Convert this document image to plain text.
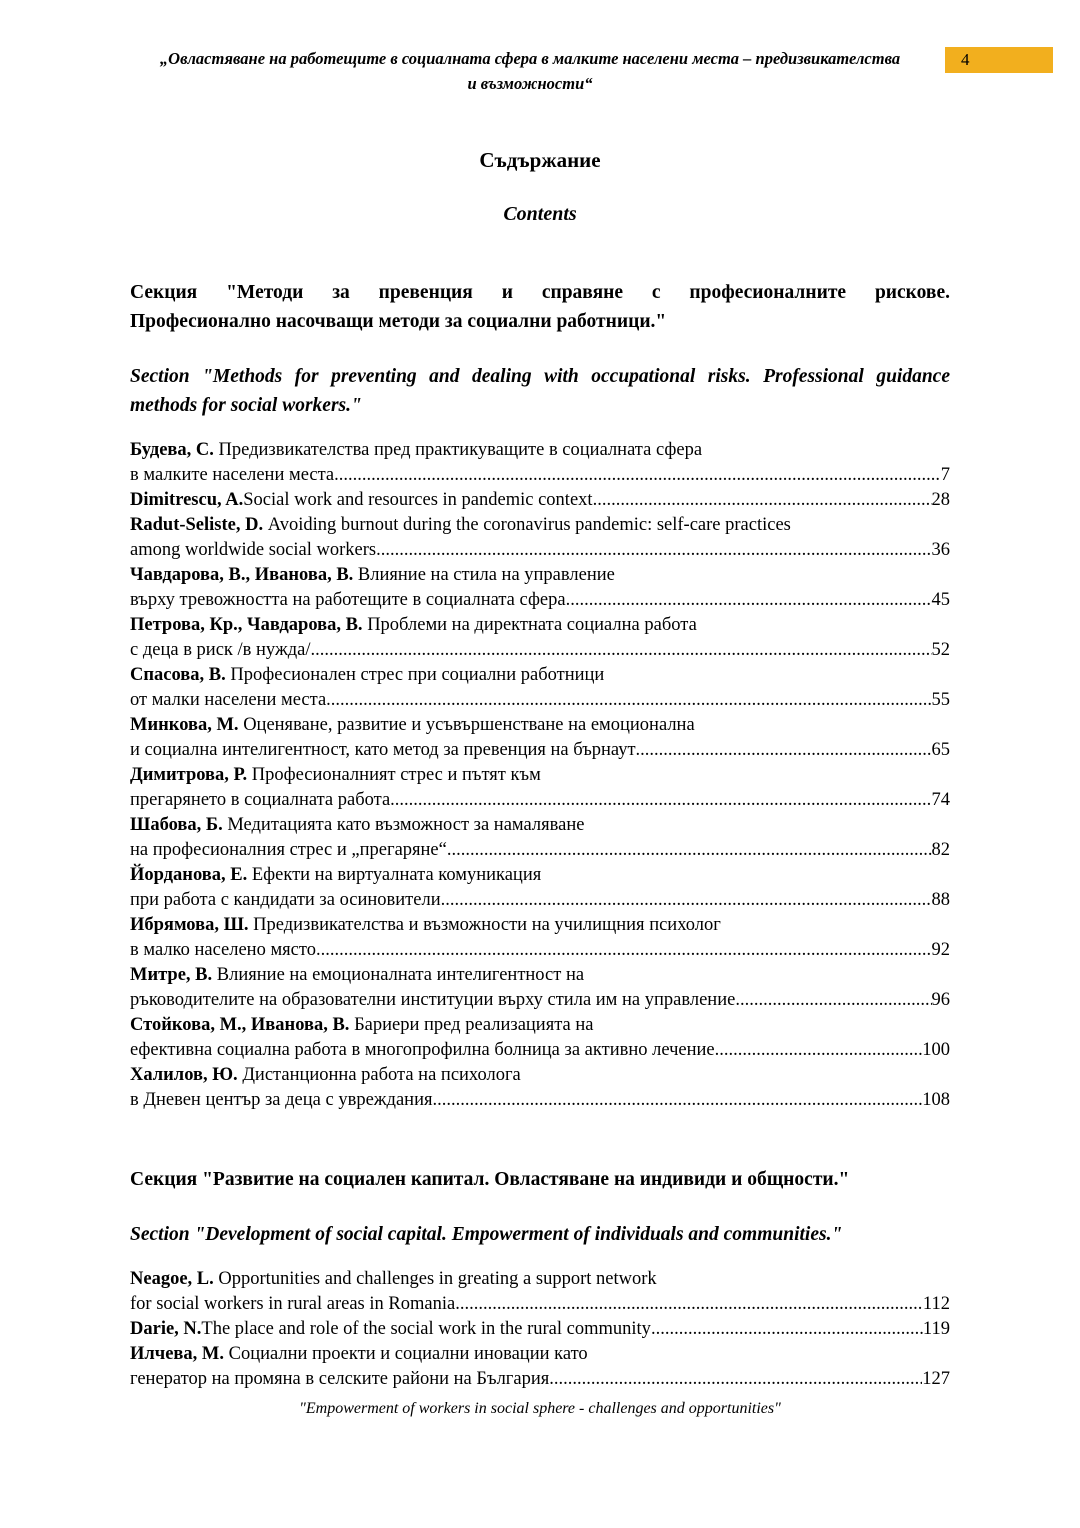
„Овластяване на работещите в социалната сфера в малките населени места – предизвикателства
и възможности“
4
Съдържание
Contents
Секция "Методи за превенция и справяне с професионалните рискове.
Професионално насочващи методи за социални работници."
Section "Methods for preventing and dealing with occupational risks. Professional guidance
methods for social workers."
Будева, С. Предизвикателства пред практикуващите в социалната сфера
в малките населени места .....	7
Dimitrescu, A. Social work and resources in pandemic context .....	28
Radut-Seliste, D. Avoiding burnout during the coronavirus pandemic: self-care practices
among worldwide social workers .....	36
Чавдарова, В., Иванова, В. Влияние на стила на управление
върху тревожността на работещите в социалната сфера .....	45
Петрова, Кр., Чавдарова, В. Проблеми на директната социална работа
с деца в риск /в нужда/ .....	52
Спасова, В. Професионален стрес при социални работници
от малки населени места .....	55
Минкова, М. Оценяване, развитие и усъвършенстване на емоционална
и социална интелигентност, като метод за превенция на бърнаут .....	65
Димитрова, Р. Професионалният стрес и пътят към
прегарянето в социалната работа .....	74
Шабова, Б. Медитацията като възможност за намаляване
на професионалния стрес и „прегаряне“ .....	82
Йорданова, Е. Ефекти на виртуалната комуникация
при работа с кандидати за осиновители .....	88
Ибрямова, Ш. Предизвикателства и възможности на училищния психолог
в малко населено място .....	92
Митре, В. Влияние на емоционалната интелигентност на
ръководителите на образователни институции върху стила им на управление .....	96
Стойкова, М., Иванова, В. Бариери пред реализацията на
ефективна социална работа в многопрофилна болница за активно лечение .....	100
Халилов, Ю. Дистанционна работа на психолога
в Дневен център за деца с увреждания .....	108
Секция "Развитие на социален капитал. Овластяване на индивиди и общности."
Section "Development of social capital. Empowerment of individuals and communities."
Neagoe, L. Opportunities and challenges in greating a support network
for social workers in rural areas in Romania .....	112
Darie, N. The place and role of the social work in the rural community .....	119
Илчева, М. Социални проекти и социални иновации като
генератор на промяна в селските райони на България .....	127
"Empowerment of workers in social sphere - challenges and opportunities"
